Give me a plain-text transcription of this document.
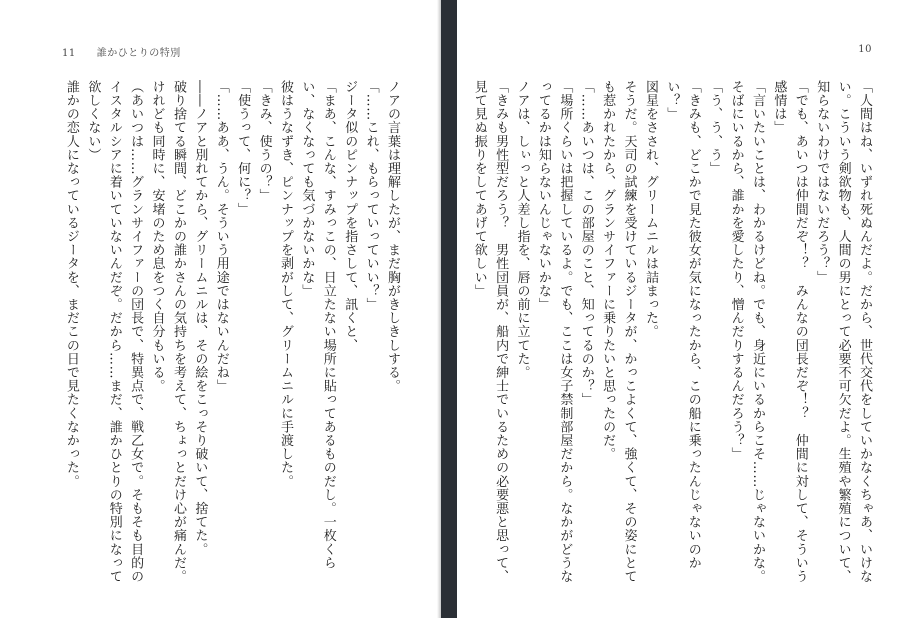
11   誰かひとりの特別

ノアの言葉は理解したが、まだ胸がきしきしする。

「……これ、もらっていっていい？」

ジータ似のピンナップを指さして、訊くと、

「まあ、こんな、すみっこの、日立たない場所に貼ってあるものだし。一枚くらい、なくなっても気づかないかな」

彼はうなずき、ピンナップを剥がして、グリームニルに手渡した。

「きみ、使うの？」

「使うって、何に？」

「……ああ、うん。そういう用途ではないんだね」

――ノアと別れてから、グリームニルは、その絵をこっそり破いて、捨てた。

破り捨てる瞬間、どこかの誰かさんの気持ちを考えて、ちょっとだけ心が痛んだ。けれども同時に、安堵のため息をつく自分もいる。

（あいつは……グランサイファーの団長で、特異点で、戦乙女で。そもそも目的のイスタルシアに着いていないんだぞ。だから……まだ、誰かひとりの特別になって欲しくない）

誰かの恋人になっているジータを、まだこの日で見たくなかった。

10

「人間はね、いずれ死ぬんだよ。だから、世代交代をしていかなくちゃあ、いけない。こういう剣欲物も、人間の男にとって必要不可欠だよ。生殖や繁殖について、知らないわけではないだろう？」

「でも、あいつは仲間だぞ！？　みんなの団長だぞ！？　仲間に対して、そういう感情は」

「言いたいことは、わかるけどね。でも、身近にいるからこそ……じゃないかな。そばにいるから、誰かを愛したり、憎んだりするんだろう？」

「う、う、う」

「きみも、どこかで見た彼女が気になったから、この船に乗ったんじゃないのかい？」

図星をさされ、グリームニルは詰まった。

そうだ。天司の試練を受けているジータが、かっこよくて、強くて、その姿にとても惹かれたから、グランサイファーに乗りたいと思ったのだ。

「……あいつは、この部屋のこと、知ってるのか？」

「場所くらいは把握しているよ。でも、ここは女子禁制部屋だから。なかがどうなってるかは知らないんじゃないかな」

ノアは、しぃっと人差し指を、唇の前に立てた。

「きみも男性型だろう？　男性団員が、船内で紳士でいるための必要悪と思って、見て見ぬ振りをしてあげて欲しい」
